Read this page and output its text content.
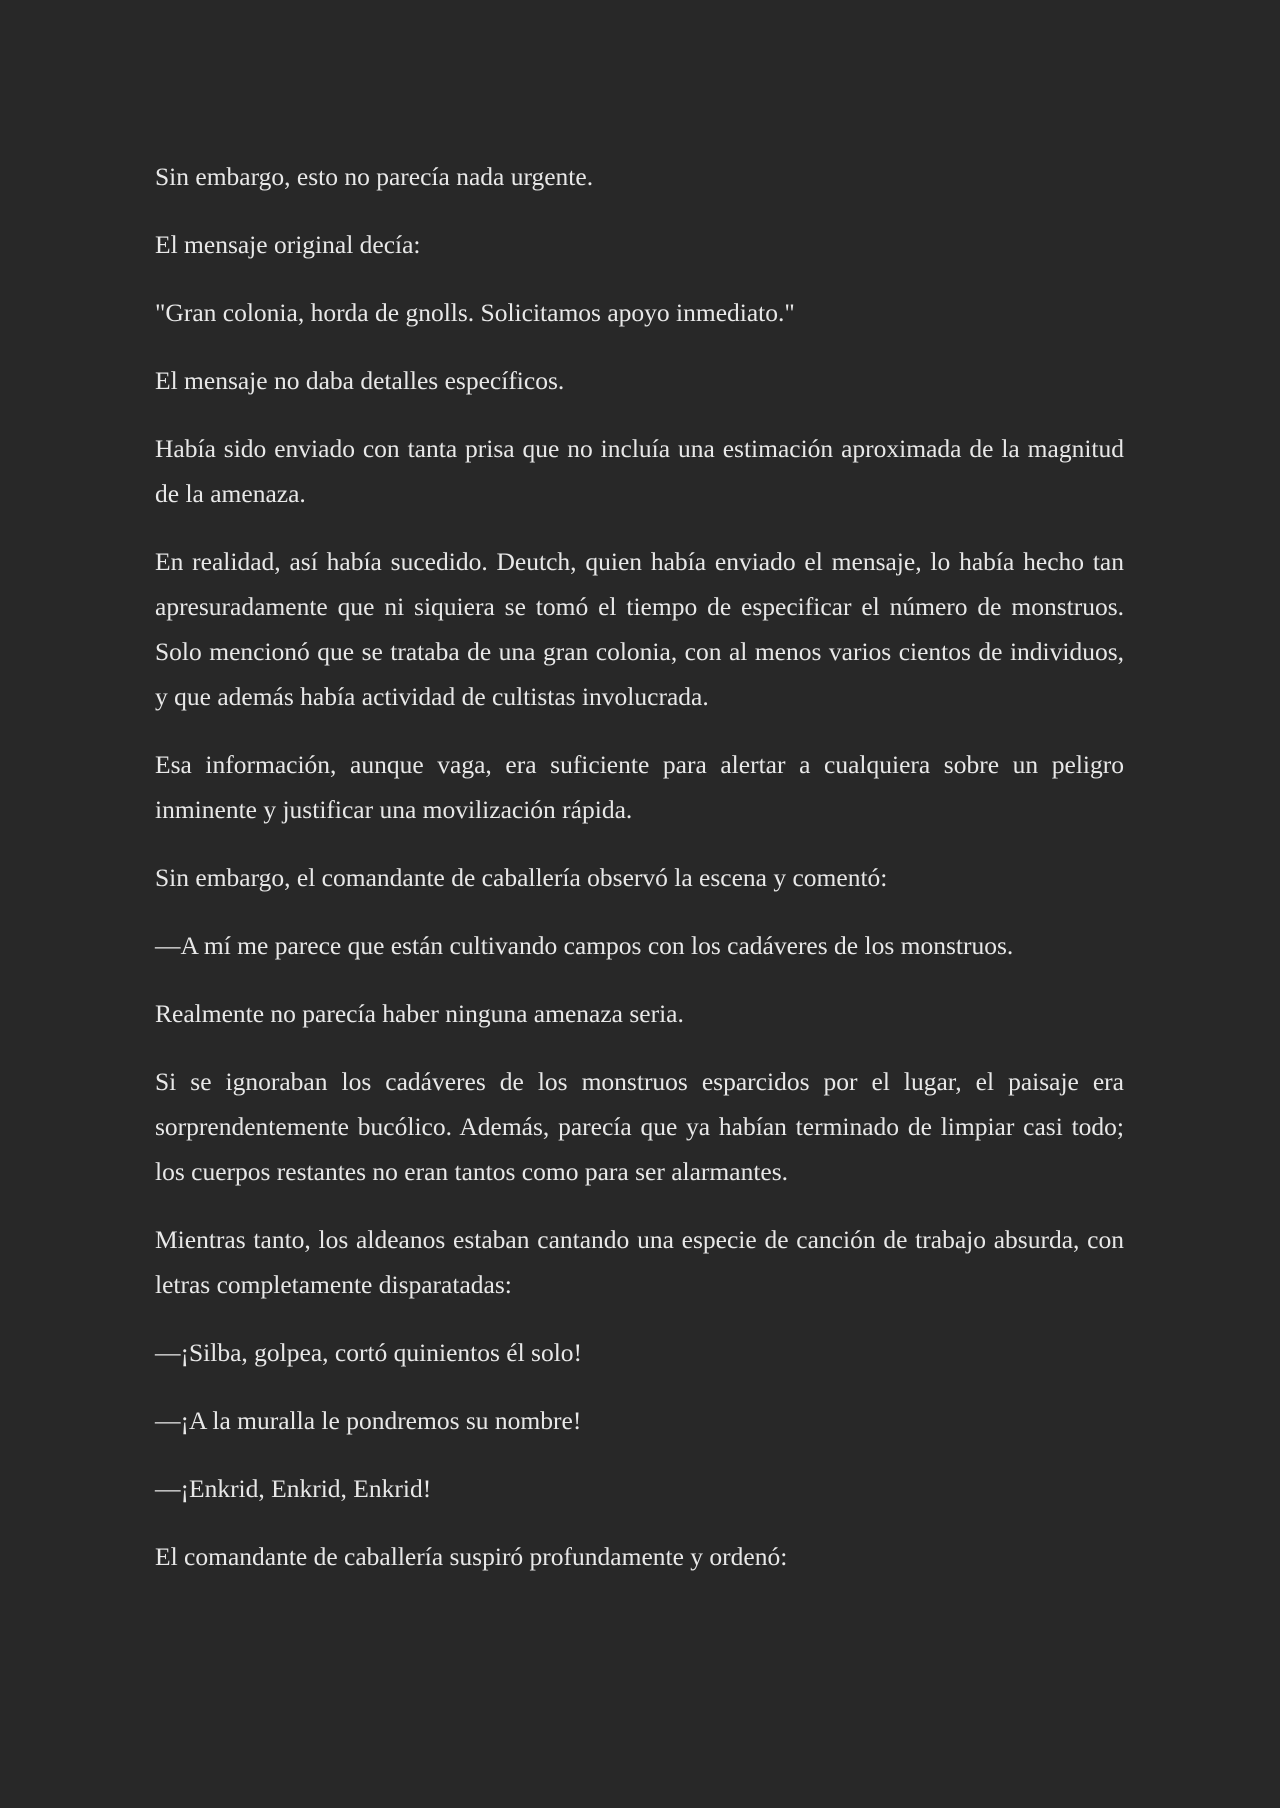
Sin embargo, esto no parecía nada urgente.

El mensaje original decía:

"Gran colonia, horda de gnolls. Solicitamos apoyo inmediato."

El mensaje no daba detalles específicos.

Había sido enviado con tanta prisa que no incluía una estimación aproximada de la magnitud de la amenaza.

En realidad, así había sucedido. Deutch, quien había enviado el mensaje, lo había hecho tan apresuradamente que ni siquiera se tomó el tiempo de especificar el número de monstruos. Solo mencionó que se trataba de una gran colonia, con al menos varios cientos de individuos, y que además había actividad de cultistas involucrada.

Esa información, aunque vaga, era suficiente para alertar a cualquiera sobre un peligro inminente y justificar una movilización rápida.

Sin embargo, el comandante de caballería observó la escena y comentó:

—A mí me parece que están cultivando campos con los cadáveres de los monstruos.

Realmente no parecía haber ninguna amenaza seria.

Si se ignoraban los cadáveres de los monstruos esparcidos por el lugar, el paisaje era sorprendentemente bucólico. Además, parecía que ya habían terminado de limpiar casi todo; los cuerpos restantes no eran tantos como para ser alarmantes.

Mientras tanto, los aldeanos estaban cantando una especie de canción de trabajo absurda, con letras completamente disparatadas:

—¡Silba, golpea, cortó quinientos él solo!

—¡A la muralla le pondremos su nombre!

—¡Enkrid, Enkrid, Enkrid!

El comandante de caballería suspiró profundamente y ordenó:
